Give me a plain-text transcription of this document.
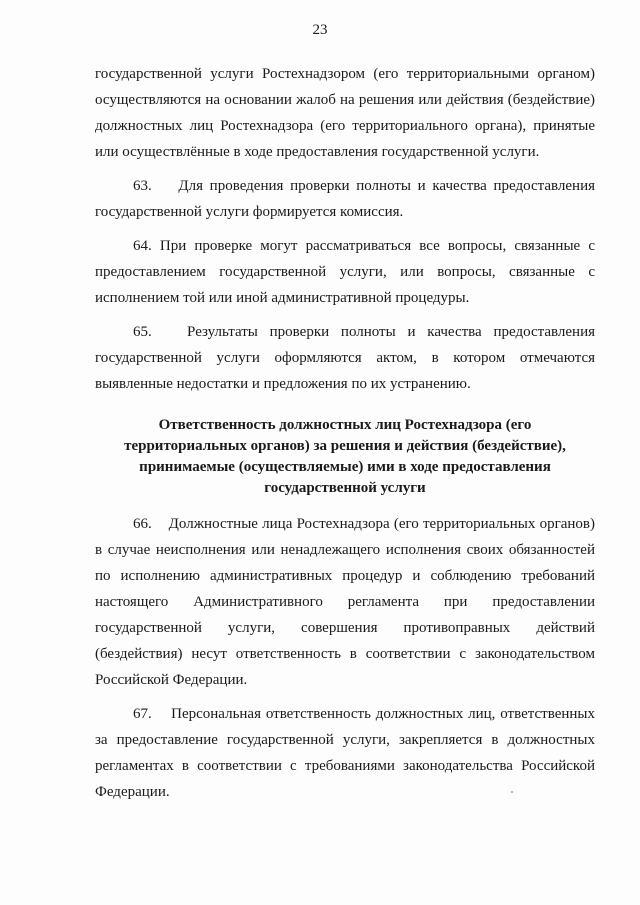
23

государственной услуги Ростехнадзором (его территориальными органом) осуществляются на основании жалоб на решения или действия (бездействие) должностных лиц Ростехнадзора (его территориального органа), принятые или осуществлённые в ходе предоставления государственной услуги.

63.    Для проведения проверки полноты и качества предоставления государственной услуги формируется комиссия.

64. При проверке могут рассматриваться все вопросы, связанные с предоставлением государственной услуги, или вопросы, связанные с исполнением той или иной административной процедуры.

65.   Результаты проверки полноты и качества предоставления государственной услуги оформляются актом, в котором отмечаются выявленные недостатки и предложения по их устранению.

Ответственность должностных лиц Ростехнадзора (его территориальных органов) за решения и действия (бездействие), принимаемые (осуществляемые) ими в ходе предоставления государственной услуги

66.    Должностные лица Ростехнадзора (его территориальных органов) в случае неисполнения или ненадлежащего исполнения своих обязанностей по исполнению административных процедур и соблюдению требований настоящего Административного регламента при предоставлении государственной услуги, совершения противоправных действий (бездействия) несут ответственность в соответствии с законодательством Российской Федерации.

67.    Персональная ответственность должностных лиц, ответственных за предоставление государственной услуги, закрепляется в должностных регламентах в соответствии с требованиями законодательства Российской Федерации.
